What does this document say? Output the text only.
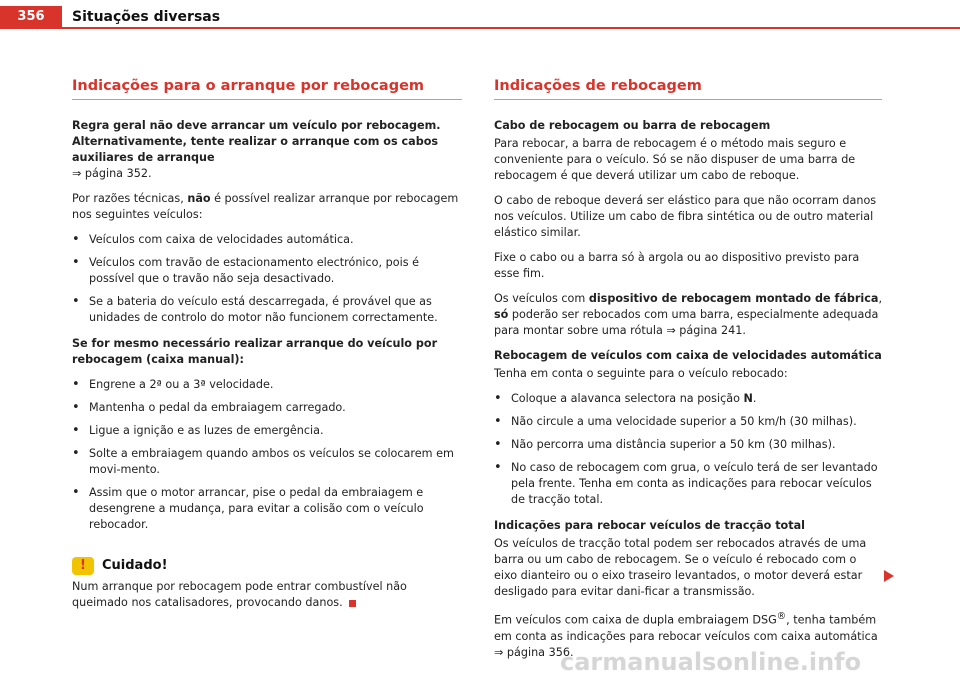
356	Situações diversas
Indicações para o arranque por rebocagem

Regra geral não deve arrancar um veículo por rebocagem. Alternativamente, tente realizar o arranque com os cabos auxiliares de arranque
⇒ página 352.

Por razões técnicas, não é possível realizar arranque por rebocagem nos seguintes veículos:

• Veículos com caixa de velocidades automática.
• Veículos com travão de estacionamento electrónico, pois é possível que o travão não seja desactivado.
• Se a bateria do veículo está descarregada, é provável que as unidades de controlo do motor não funcionem correctamente.

Se for mesmo necessário realizar arranque do veículo por rebocagem (caixa manual):

• Engrene a 2ª ou a 3ª velocidade.
• Mantenha o pedal da embraiagem carregado.
• Ligue a ignição e as luzes de emergência.
• Solte a embraiagem quando ambos os veículos se colocarem em movi-mento.
• Assim que o motor arrancar, pise o pedal da embraiagem e desengrene a mudança, para evitar a colisão com o veículo rebocador.
!	Cuidado!

Num arranque por rebocagem pode entrar combustível não queimado nos catalisadores, provocando danos.

Indicações de rebocagem

Cabo de rebocagem ou barra de rebocagem

Para rebocar, a barra de rebocagem é o método mais seguro e conveniente para o veículo. Só se não dispuser de uma barra de rebocagem é que deverá utilizar um cabo de reboque.

O cabo de reboque deverá ser elástico para que não ocorram danos nos veículos. Utilize um cabo de fibra sintética ou de outro material elástico similar.

Fixe o cabo ou a barra só à argola ou ao dispositivo previsto para esse fim.

Os veículos com dispositivo de rebocagem montado de fábrica, só poderão ser rebocados com uma barra, especialmente adequada para montar sobre uma rótula ⇒ página 241.

Rebocagem de veículos com caixa de velocidades automática

Tenha em conta o seguinte para o veículo rebocado:

• Coloque a alavanca selectora na posição N.
• Não circule a uma velocidade superior a 50 km/h (30 milhas).
• Não percorra uma distância superior a 50 km (30 milhas).
• No caso de rebocagem com grua, o veículo terá de ser levantado pela frente. Tenha em conta as indicações para rebocar veículos de tracção total.

Indicações para rebocar veículos de tracção total

Os veículos de tracção total podem ser rebocados através de uma barra ou um cabo de rebocagem. Se o veículo é rebocado com o eixo dianteiro ou o eixo traseiro levantados, o motor deverá estar desligado para evitar dani-ficar a transmissão.

Em veículos com caixa de dupla embraiagem DSG®, tenha também em conta as indicações para rebocar veículos com caixa automática ⇒ página 356.

carmanualsonline.info
